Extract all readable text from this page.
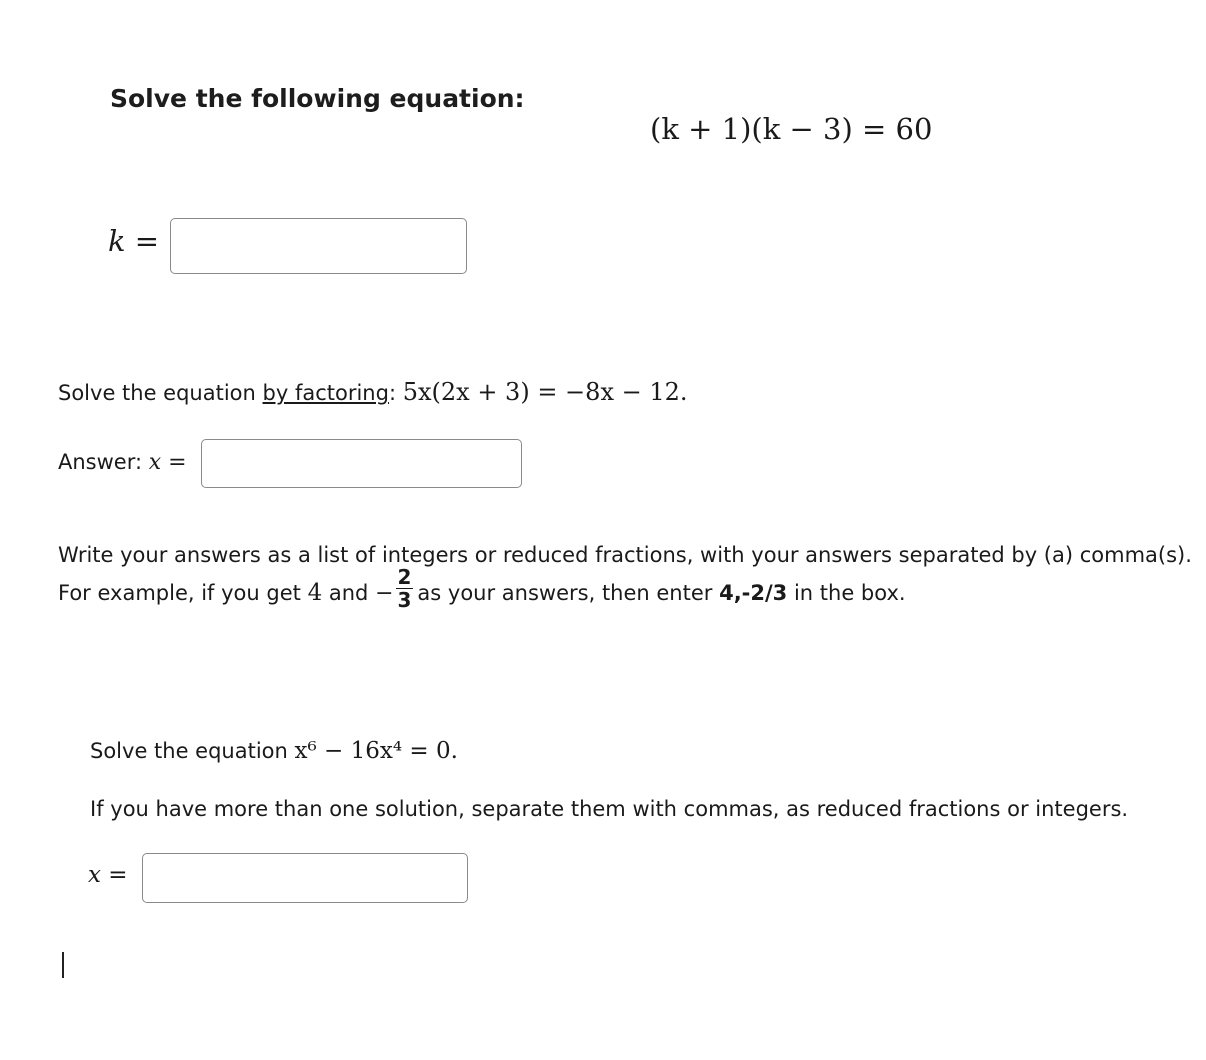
Solve the following equation:
(k + 1)(k − 3) = 60
k =
Solve the equation by factoring: 5x(2x + 3) = −8x − 12.
Answer: x =
Write your answers as a list of integers or reduced fractions, with your answers separated by (a) comma(s).
For example, if you get 4 and − $\frac{2}{3}$ as your answers, then enter 4,-2/3 in the box.
Solve the equation x⁶ − 16x⁴ = 0.
If you have more than one solution, separate them with commas, as reduced fractions or integers.
x =
